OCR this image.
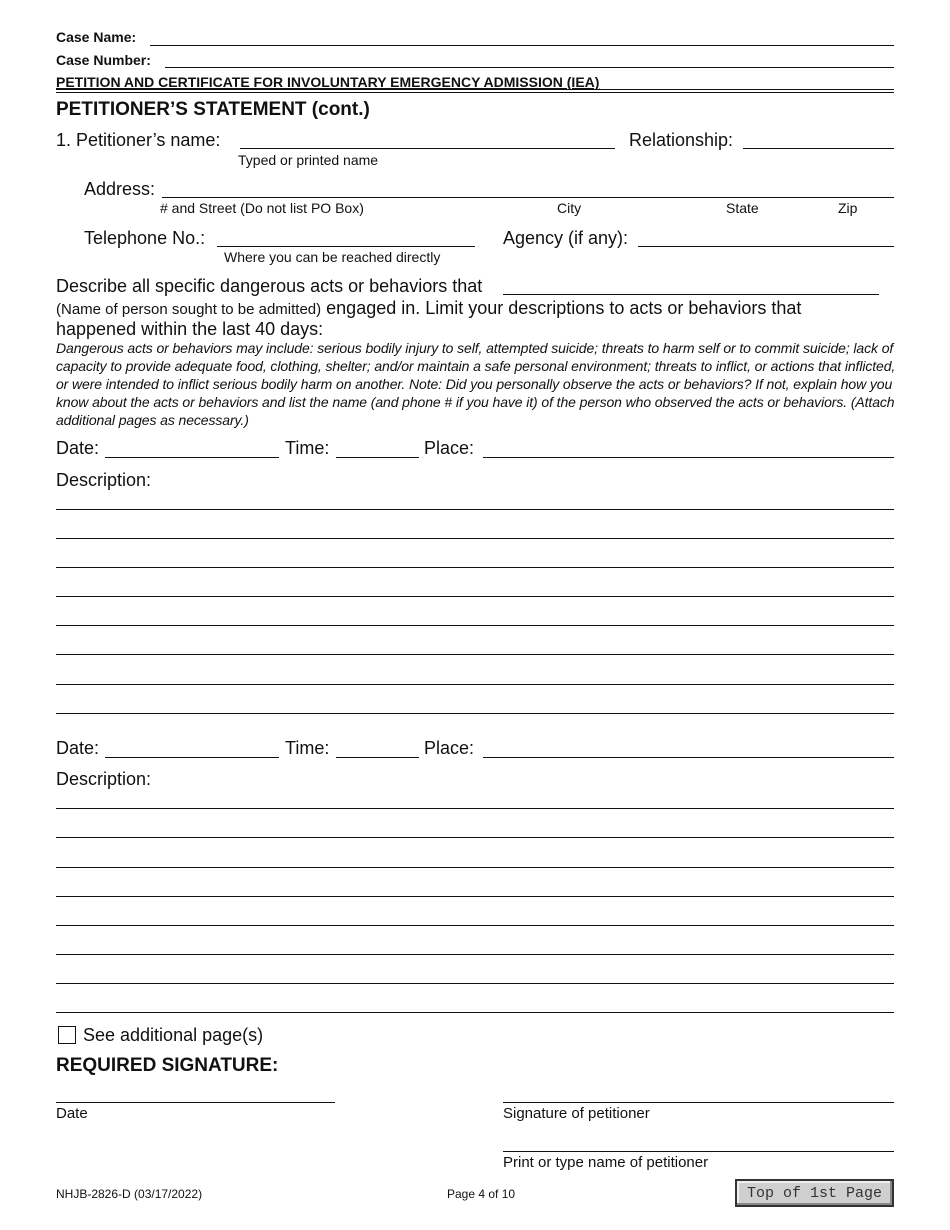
Case Name:
Case Number:
PETITION AND CERTIFICATE FOR INVOLUNTARY EMERGENCY ADMISSION (IEA)
PETITIONER’S STATEMENT (cont.)
1. Petitioner’s name:
Typed or printed name
Relationship:
Address:
# and Street (Do not list PO Box)	City	State	Zip
Telephone No.:
Where you can be reached directly
Agency (if any):
Describe all specific dangerous acts or behaviors that
(Name of person sought to be admitted) engaged in. Limit your descriptions to acts or behaviors that
happened within the last 40 days:
Dangerous acts or behaviors may include: serious bodily injury to self, attempted suicide; threats to harm self or to commit suicide; lack of capacity to provide adequate food, clothing, shelter; and/or maintain a safe personal environment; threats to inflict, or actions that inflicted, or were intended to inflict serious bodily harm on another. Note: Did you personally observe the acts or behaviors? If not, explain how you know about the acts or behaviors and list the name (and phone # if you have it) of the person who observed the acts or behaviors. (Attach additional pages as necessary.)
Date:	Time:	Place:
Description:
Date:	Time:	Place:
Description:
See additional page(s)
REQUIRED SIGNATURE:
Date	Signature of petitioner
Print or type name of petitioner
NHJB-2826-D (03/17/2022)	Page 4 of 10	Top of 1st Page
